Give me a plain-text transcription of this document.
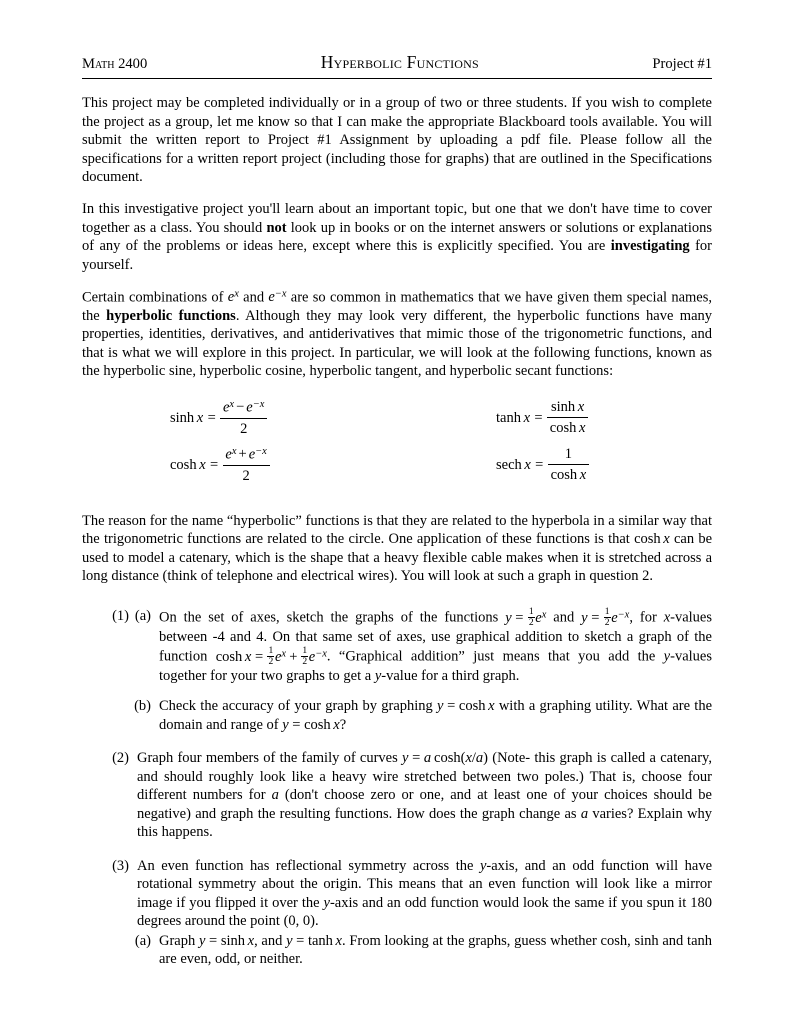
Math 2400	Hyperbolic Functions	Project #1

This project may be completed individually or in a group of two or three students. If you wish to complete the project as a group, let me know so that I can make the appropriate Blackboard tools available. You will submit the written report to Project #1 Assignment by uploading a pdf file. Please follow all the specifications for a written report project (including those for graphs) that are outlined in the Specifications document.

In this investigative project you'll learn about an important topic, but one that we don't have time to cover together as a class. You should not look up in books or on the internet answers or solutions or explanations of any of the problems or ideas here, except where this is explicitly specified. You are investigating for yourself.

Certain combinations of $e^x$ and $e^{-x}$ are so common in mathematics that we have given them special names, the hyperbolic functions. Although they may look very different, the hyperbolic functions have many properties, identities, derivatives, and antiderivatives that mimic those of the trigonometric functions, and that is what we will explore in this project. In particular, we will look at the following functions, known as the hyperbolic sine, hyperbolic cosine, hyperbolic tangent, and hyperbolic secant functions:

$\sinh x = \frac{e^x - e^{-x}}{2}$	$\tanh x = \frac{\text{sinh x}}{\text{cosh x}}$
$\cosh x = \frac{e^x + e^{-x}}{2}$	sech $x = \frac{1}{\text{cosh x}}$

The reason for the name “hyperbolic” functions is that they are related to the hyperbola in a similar way that the trigonometric functions are related to the circle. One application of these functions is that cosh x can be used to model a catenary, which is the shape that a heavy flexible cable makes when it is stretched across a long distance (think of telephone and electrical wires). You will look at such a graph in question 2.

(1) (a) On the set of axes, sketch the graphs of the functions $y = \frac{1}{2} e^x$ and $y = \frac{1}{2} e^{-x}$, for x-values between -4 and 4. On that same set of axes, use graphical addition to sketch a graph of the function $\cosh x = \frac{1}{2} e^x + \frac{1}{2} e^{-x}$. “Graphical addition” just means that you add the y-values together for your two graphs to get a y-value for a third graph.
(b) Check the accuracy of your graph by graphing y = cosh x with a graphing utility. What are the domain and range of y = cosh x?
(2) Graph four members of the family of curves y = a cosh(x/a) (Note- this graph is called a catenary, and should roughly look like a heavy wire stretched between two poles.) That is, choose four different numbers for a (don't choose zero or one, and at least one of your choices should be negative) and graph the resulting functions. How does the graph change as a varies? Explain why this happens.
(3) An even function has reflectional symmetry across the y-axis, and an odd function will have rotational symmetry about the origin. This means that an even function will look like a mirror image if you flipped it over the y-axis and an odd function would look the same if you spun it 180 degrees around the point (0, 0).
(a) Graph y = sinh x, and y = tanh x. From looking at the graphs, guess whether cosh, sinh and tanh are even, odd, or neither.
